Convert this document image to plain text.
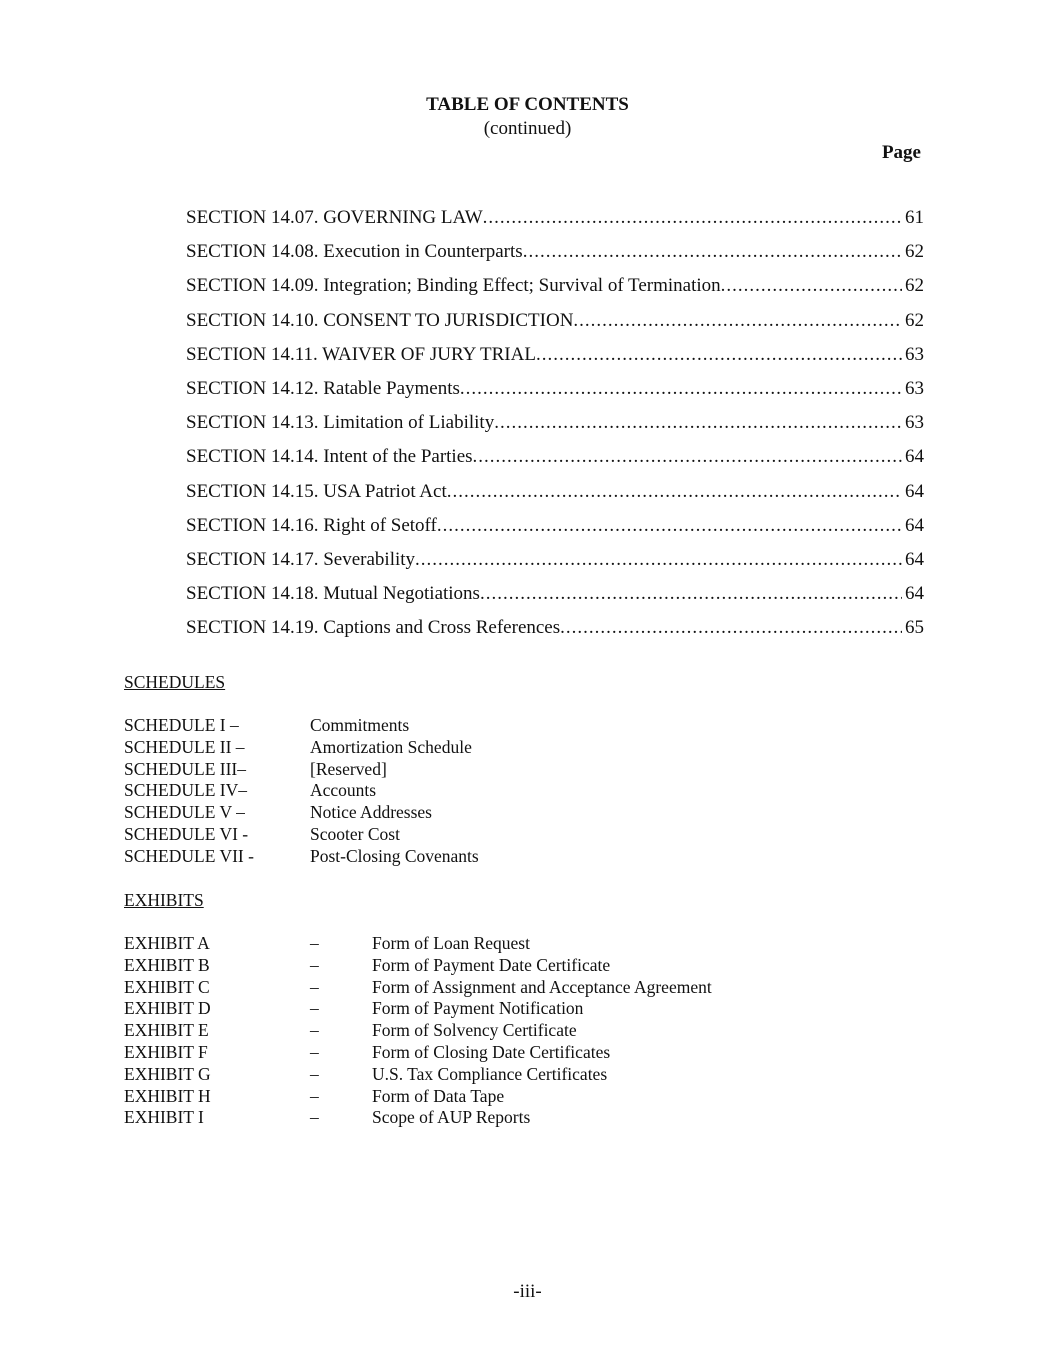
TABLE OF CONTENTS
(continued)
Page
SECTION 14.07. GOVERNING LAW .....	61
SECTION 14.08. Execution in Counterparts .....	62
SECTION 14.09. Integration; Binding Effect; Survival of Termination .....	62
SECTION 14.10. CONSENT TO JURISDICTION .....	62
SECTION 14.11. WAIVER OF JURY TRIAL .....	63
SECTION 14.12. Ratable Payments .....	63
SECTION 14.13. Limitation of Liability .....	63
SECTION 14.14. Intent of the Parties .....	64
SECTION 14.15. USA Patriot Act .....	64
SECTION 14.16. Right of Setoff .....	64
SECTION 14.17. Severability .....	64
SECTION 14.18. Mutual Negotiations .....	64
SECTION 14.19. Captions and Cross References .....	65
SCHEDULES
SCHEDULE I –	Commitments
SCHEDULE II –	Amortization Schedule
SCHEDULE III–	[Reserved]
SCHEDULE IV–	Accounts
SCHEDULE V –	Notice Addresses
SCHEDULE VI -	Scooter Cost
SCHEDULE VII -	Post-Closing Covenants
EXHIBITS
EXHIBIT A	–	Form of Loan Request
EXHIBIT B	–	Form of Payment Date Certificate
EXHIBIT C	–	Form of Assignment and Acceptance Agreement
EXHIBIT D	–	Form of Payment Notification
EXHIBIT E	–	Form of Solvency Certificate
EXHIBIT F	–	Form of Closing Date Certificates
EXHIBIT G	–	U.S. Tax Compliance Certificates
EXHIBIT H	–	Form of Data Tape
EXHIBIT I	–	Scope of AUP Reports
-iii-
